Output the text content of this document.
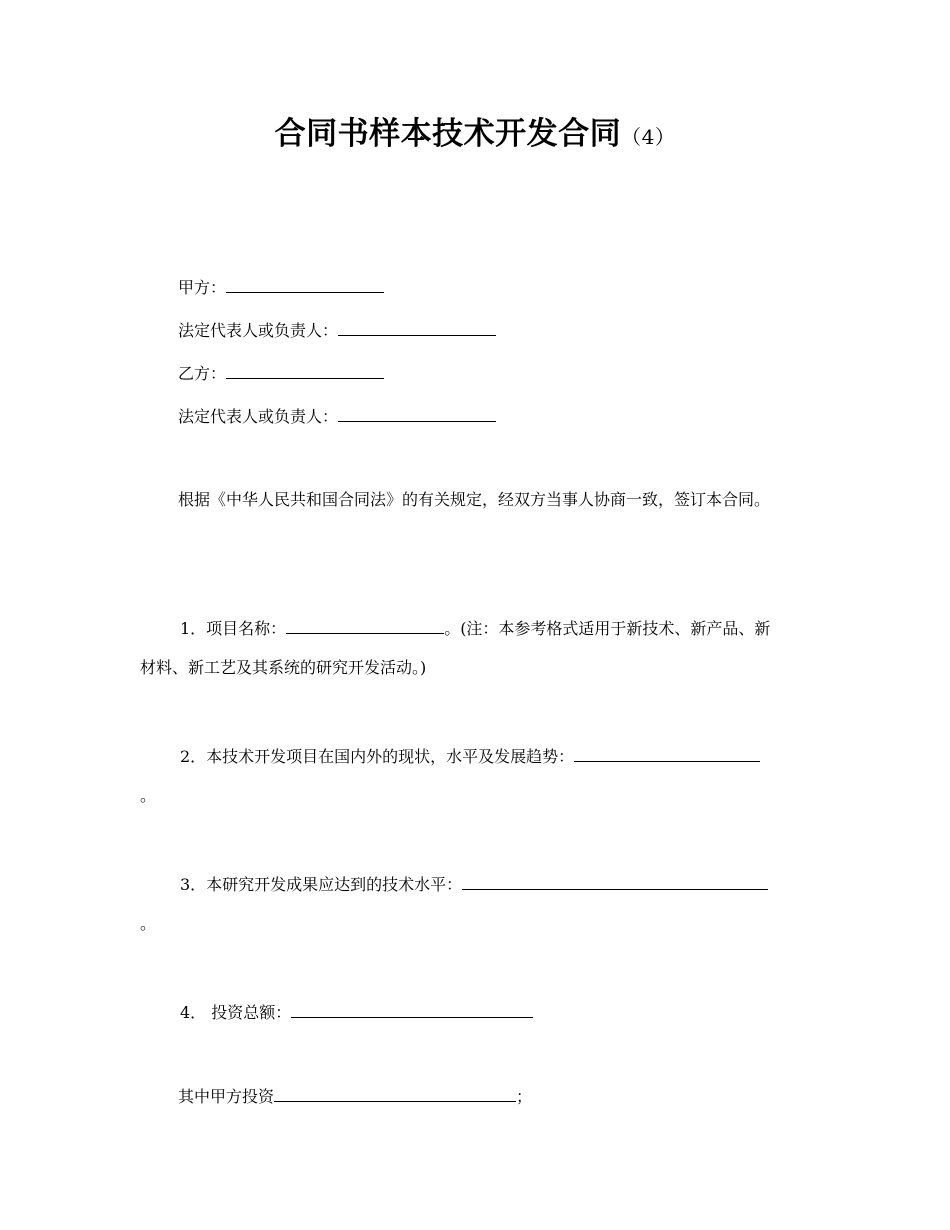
合同书样本技术开发合同（4）
甲方：
法定代表人或负责人：
乙方：
法定代表人或负责人：
根据《中华人民共和国合同法》的有关规定，经双方当事人协商一致，签订本合同。
1．项目名称：	。(注：本参考格式适用于新技术、新产品、新
材料、新工艺及其系统的研究开发活动。)
2．本技术开发项目在国内外的现状，水平及发展趋势：
。
3．本研究开发成果应达到的技术水平：
。
4． 投资总额：
其中甲方投资	；
